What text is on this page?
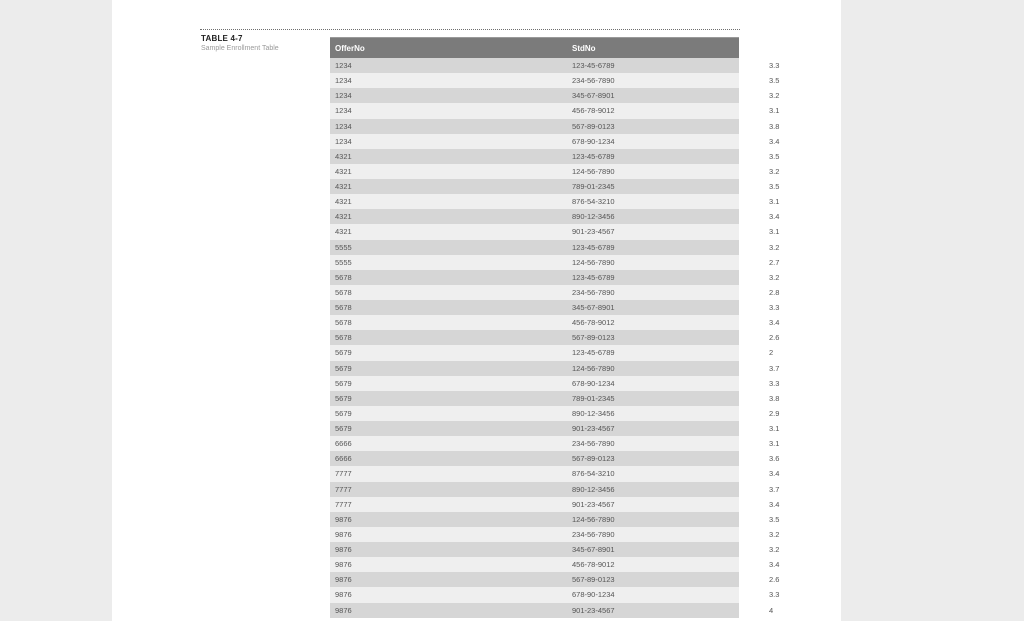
TABLE 4-7
Sample Enrollment Table	OfferNo	StdNo	EnrGrade
1234	123-45-6789	3.3
1234	234-56-7890	3.5
1234	345-67-8901	3.2
1234	456-78-9012	3.1
1234	567-89-0123	3.8
1234	678-90-1234	3.4
4321	123-45-6789	3.5
4321	124-56-7890	3.2
4321	789-01-2345	3.5
4321	876-54-3210	3.1
4321	890-12-3456	3.4
4321	901-23-4567	3.1
5555	123-45-6789	3.2
5555	124-56-7890	2.7
5678	123-45-6789	3.2
5678	234-56-7890	2.8
5678	345-67-8901	3.3
5678	456-78-9012	3.4
5678	567-89-0123	2.6
5679	123-45-6789	2
5679	124-56-7890	3.7
5679	678-90-1234	3.3
5679	789-01-2345	3.8
5679	890-12-3456	2.9
5679	901-23-4567	3.1
6666	234-56-7890	3.1
6666	567-89-0123	3.6
7777	876-54-3210	3.4
7777	890-12-3456	3.7
7777	901-23-4567	3.4
9876	124-56-7890	3.5
9876	234-56-7890	3.2
9876	345-67-8901	3.2
9876	456-78-9012	3.4
9876	567-89-0123	2.6
9876	678-90-1234	3.3
9876	901-23-4567	4
